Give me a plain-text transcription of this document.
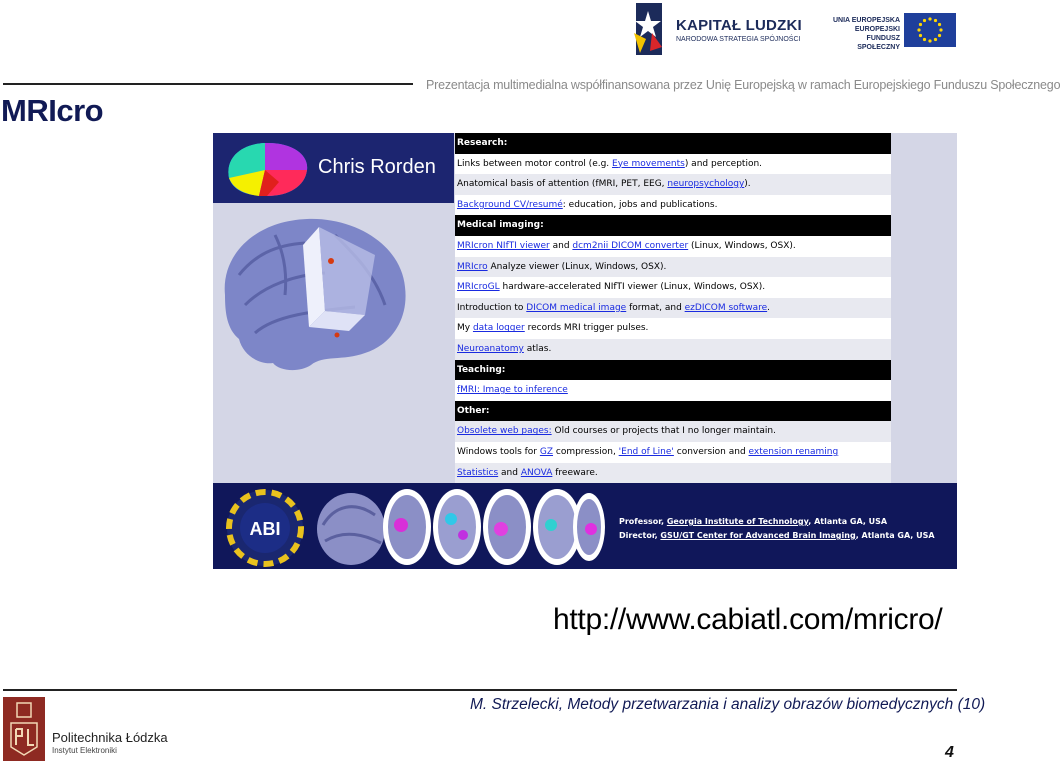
KAPITAŁ LUDZKI
NARODOWA STRATEGIA SPÓJNOŚCI
UNIA EUROPEJSKA
EUROPEJSKI
FUNDUSZ SPOŁECZNY
Prezentacja multimedialna współfinansowana przez Unię Europejską w ramach Europejskiego Funduszu Społecznego
MRIcro
Chris Rorden
Research:
Links between motor control (e.g. Eye movements) and perception.
Anatomical basis of attention (fMRI, PET, EEG, neuropsychology).
Background CV/resumé: education, jobs and publications.
Medical imaging:
MRIcron NIfTI viewer and dcm2nii DICOM converter (Linux, Windows, OSX).
MRIcro Analyze viewer (Linux, Windows, OSX).
MRIcroGL hardware-accelerated NIfTI viewer (Linux, Windows, OSX).
Introduction to DICOM medical image format, and ezDICOM software.
My data logger records MRI trigger pulses.
Neuroanatomy atlas.
Teaching:
fMRI: Image to inference
Other:
Obsolete web pages: Old courses or projects that I no longer maintain.
Windows tools for GZ compression, 'End of Line' conversion and extension renaming
Statistics and ANOVA freeware.
ABI	Professor, Georgia Institute of Technology, Atlanta GA, USA
Director, GSU/GT Center for Advanced Brain Imaging, Atlanta GA, USA
http://www.cabiatl.com/mricro/
M. Strzelecki, Metody przetwarzania i analizy obrazów biomedycznych (10)
Politechnika Łódzka
Instytut Elektroniki	4
